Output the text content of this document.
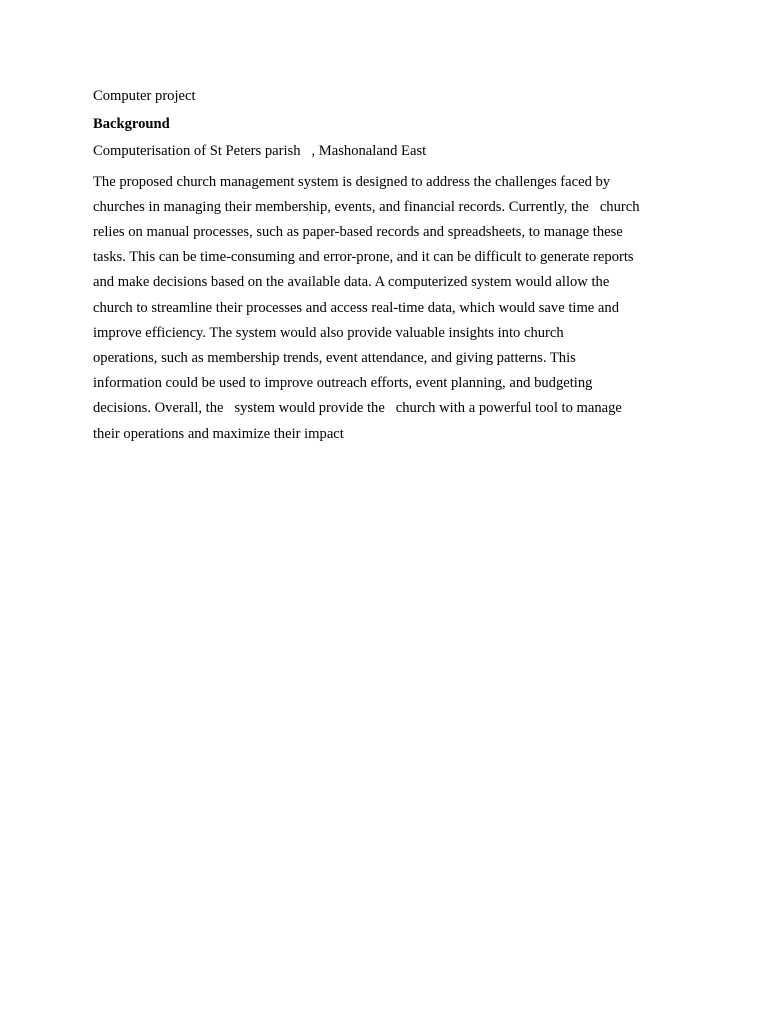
Computer project
Background
Computerisation of St Peters parish   , Mashonaland East
The proposed church management system is designed to address the challenges faced by
churches in managing their membership, events, and financial records. Currently, the   church
relies on manual processes, such as paper-based records and spreadsheets, to manage these
tasks. This can be time-consuming and error-prone, and it can be difficult to generate reports
and make decisions based on the available data. A computerized system would allow the
church to streamline their processes and access real-time data, which would save time and
improve efficiency. The system would also provide valuable insights into church
operations, such as membership trends, event attendance, and giving patterns. This
information could be used to improve outreach efforts, event planning, and budgeting
decisions. Overall, the   system would provide the   church with a powerful tool to manage
their operations and maximize their impact
